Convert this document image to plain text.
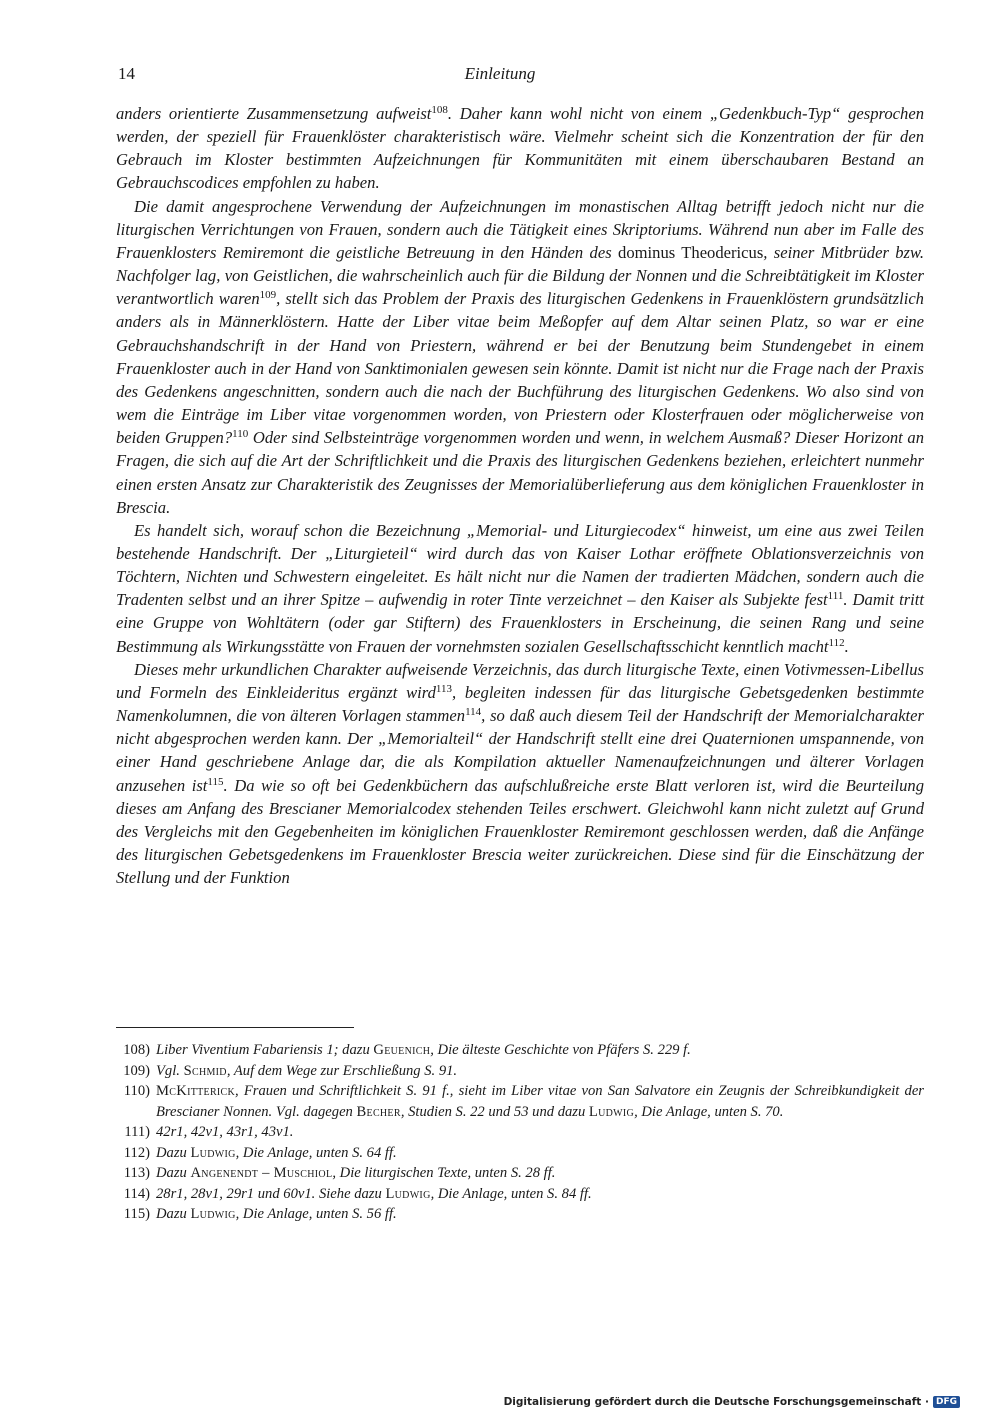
14	Einleitung

anders orientierte Zusammensetzung aufweist$^{108}$. Daher kann wohl nicht von einem „Gedenkbuch-Typ“ gesprochen werden, der speziell für Frauenklöster charakteristisch wäre. Vielmehr scheint sich die Konzentration der für den Gebrauch im Kloster bestimmten Aufzeichnungen für Kommunitäten mit einem überschaubaren Bestand an Gebrauchscodices empfohlen zu haben.

Die damit angesprochene Verwendung der Aufzeichnungen im monastischen Alltag betrifft jedoch nicht nur die liturgischen Verrichtungen von Frauen, sondern auch die Tätigkeit eines Skriptoriums. Während nun aber im Falle des Frauenklosters Remiremont die geistliche Betreuung in den Händen des dominus Theodericus, seiner Mitbrüder bzw. Nachfolger lag, von Geistlichen, die wahrscheinlich auch für die Bildung der Nonnen und die Schreibtätigkeit im Kloster verantwortlich waren$^{109}$, stellt sich das Problem der Praxis des liturgischen Gedenkens in Frauenklöstern grundsätzlich anders als in Männerklöstern. Hatte der Liber vitae beim Meßopfer auf dem Altar seinen Platz, so war er eine Gebrauchshandschrift in der Hand von Priestern, während er bei der Benutzung beim Stundengebet in einem Frauenkloster auch in der Hand von Sanktimonialen gewesen sein könnte. Damit ist nicht nur die Frage nach der Praxis des Gedenkens angeschnitten, sondern auch die nach der Buchführung des liturgischen Gedenkens. Wo also sind von wem die Einträge im Liber vitae vorgenommen worden, von Priestern oder Klosterfrauen oder möglicherweise von beiden Gruppen?$^{110}$ Oder sind Selbsteinträge vorgenommen worden und wenn, in welchem Ausmaß? Dieser Horizont an Fragen, die sich auf die Art der Schriftlichkeit und die Praxis des liturgischen Gedenkens beziehen, erleichtert nunmehr einen ersten Ansatz zur Charakteristik des Zeugnisses der Memorialüberlieferung aus dem königlichen Frauenkloster in Brescia.

Es handelt sich, worauf schon die Bezeichnung „Memorial- und Liturgiecodex“ hinweist, um eine aus zwei Teilen bestehende Handschrift. Der „Liturgieteil“ wird durch das von Kaiser Lothar eröffnete Oblationsverzeichnis von Töchtern, Nichten und Schwestern eingeleitet. Es hält nicht nur die Namen der tradierten Mädchen, sondern auch die Tradenten selbst und an ihrer Spitze – aufwendig in roter Tinte verzeichnet – den Kaiser als Subjekte fest$^{111}$. Damit tritt eine Gruppe von Wohltätern (oder gar Stiftern) des Frauenklosters in Erscheinung, die seinen Rang und seine Bestimmung als Wirkungsstätte von Frauen der vornehmsten sozialen Gesellschaftsschicht kenntlich macht$^{112}$.

Dieses mehr urkundlichen Charakter aufweisende Verzeichnis, das durch liturgische Texte, einen Votivmessen-Libellus und Formeln des Einkleideritus ergänzt wird$^{113}$, begleiten indessen für das liturgische Gebetsgedenken bestimmte Namenkolumnen, die von älteren Vorlagen stammen$^{114}$, so daß auch diesem Teil der Handschrift der Memorialcharakter nicht abgesprochen werden kann. Der „Memorialteil“ der Handschrift stellt eine drei Quaternionen umspannende, von einer Hand geschriebene Anlage dar, die als Kompilation aktueller Namenaufzeichnungen und älterer Vorlagen anzusehen ist$^{115}$. Da wie so oft bei Gedenkbüchern das aufschlußreiche erste Blatt verloren ist, wird die Beurteilung dieses am Anfang des Brescianer Memorialcodex stehenden Teiles erschwert. Gleichwohl kann nicht zuletzt auf Grund des Vergleichs mit den Gegebenheiten im königlichen Frauenkloster Remiremont geschlossen werden, daß die Anfänge des liturgischen Gebetsgedenkens im Frauenkloster Brescia weiter zurückreichen. Diese sind für die Einschätzung der Stellung und der Funktion

108) Liber Viventium Fabariensis 1; dazu Geuenich, Die älteste Geschichte von Pfäfers S. 229 f.
109) Vgl. Schmid, Auf dem Wege zur Erschließung S. 91.
110) McKitterick, Frauen und Schriftlichkeit S. 91 f., sieht im Liber vitae von San Salvatore ein Zeugnis der Schreibkundigkeit der Brescianer Nonnen. Vgl. dagegen Becher, Studien S. 22 und 53 und dazu Ludwig, Die Anlage, unten S. 70.
111) 42r1, 42v1, 43r1, 43v1.
112) Dazu Ludwig, Die Anlage, unten S. 64 ff.
113) Dazu Angenendt – Muschiol, Die liturgischen Texte, unten S. 28 ff.
114) 28r1, 28v1, 29r1 und 60v1. Siehe dazu Ludwig, Die Anlage, unten S. 84 ff.
115) Dazu Ludwig, Die Anlage, unten S. 56 ff.
Digitalisierung gefördert durch die Deutsche Forschungsgemeinschaft · DFG
